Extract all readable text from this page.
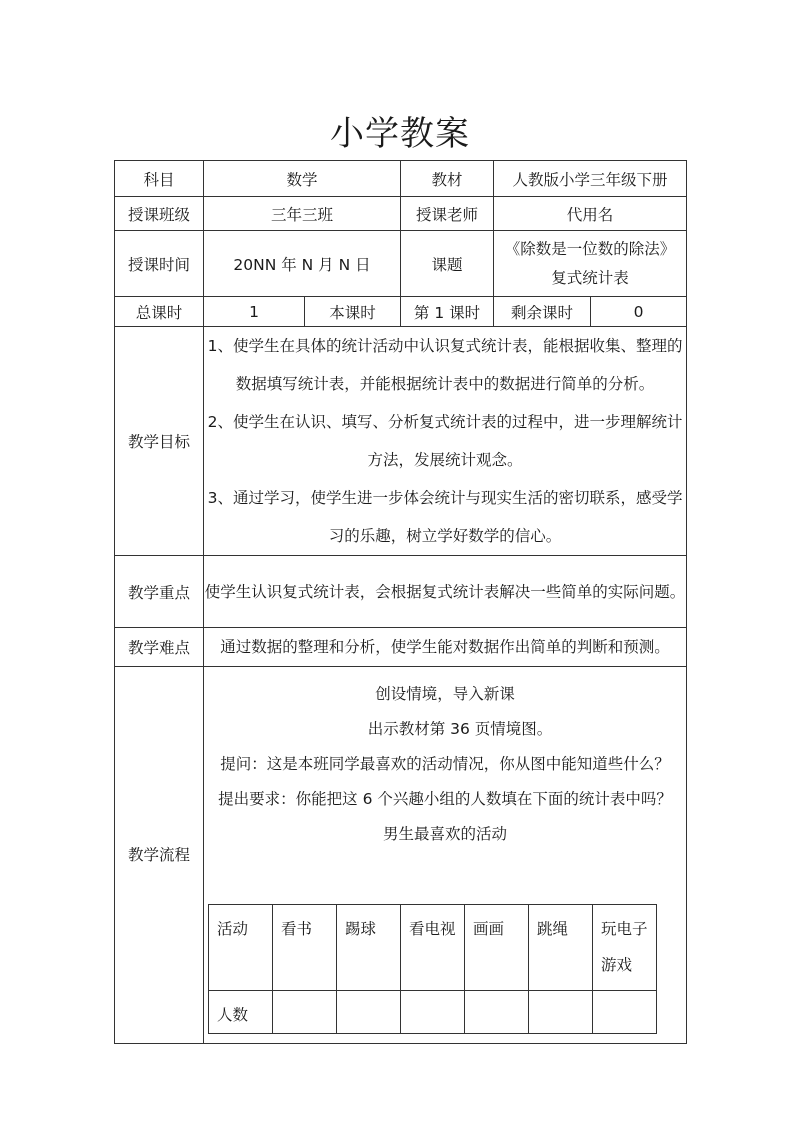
小学教案
科目	数学	教材	人教版小学三年级下册
授课班级	三年三班	授课老师	代用名
授课时间	20NN 年 N 月 N 日	课题	
《除数是一位数的除法》
复式统计表

总课时	1	本课时	第 1 课时	剩余课时	0
教学目标	

1、使学生在具体的统计活动中认识复式统计表，能根据收集、整理的数据填写统计表，并能根据统计表中的数据进行简单的分析。

2、使学生在认识、填写、分析复式统计表的过程中，进一步理解统计方法，发展统计观念。

3、通过学习，使学生进一步体会统计与现实生活的密切联系，感受学习的乐趣，树立学好数学的信心。

教学重点	使学生认识复式统计表，会根据复式统计表解决一些简单的实际问题。
教学难点	通过数据的整理和分析，使学生能对数据作出简单的判断和预测。
教学流程	

创设情境，导入新课

出示教材第 36 页情境图。

提问：这是本班同学最喜欢的活动情况，你从图中能知道些什么？

提出要求：你能把这 6 个兴趣小组的人数填在下面的统计表中吗？

男生最喜欢的活动

活动	看书	踢球	看电视	画画	跳绳	玩电子游戏
人数						
